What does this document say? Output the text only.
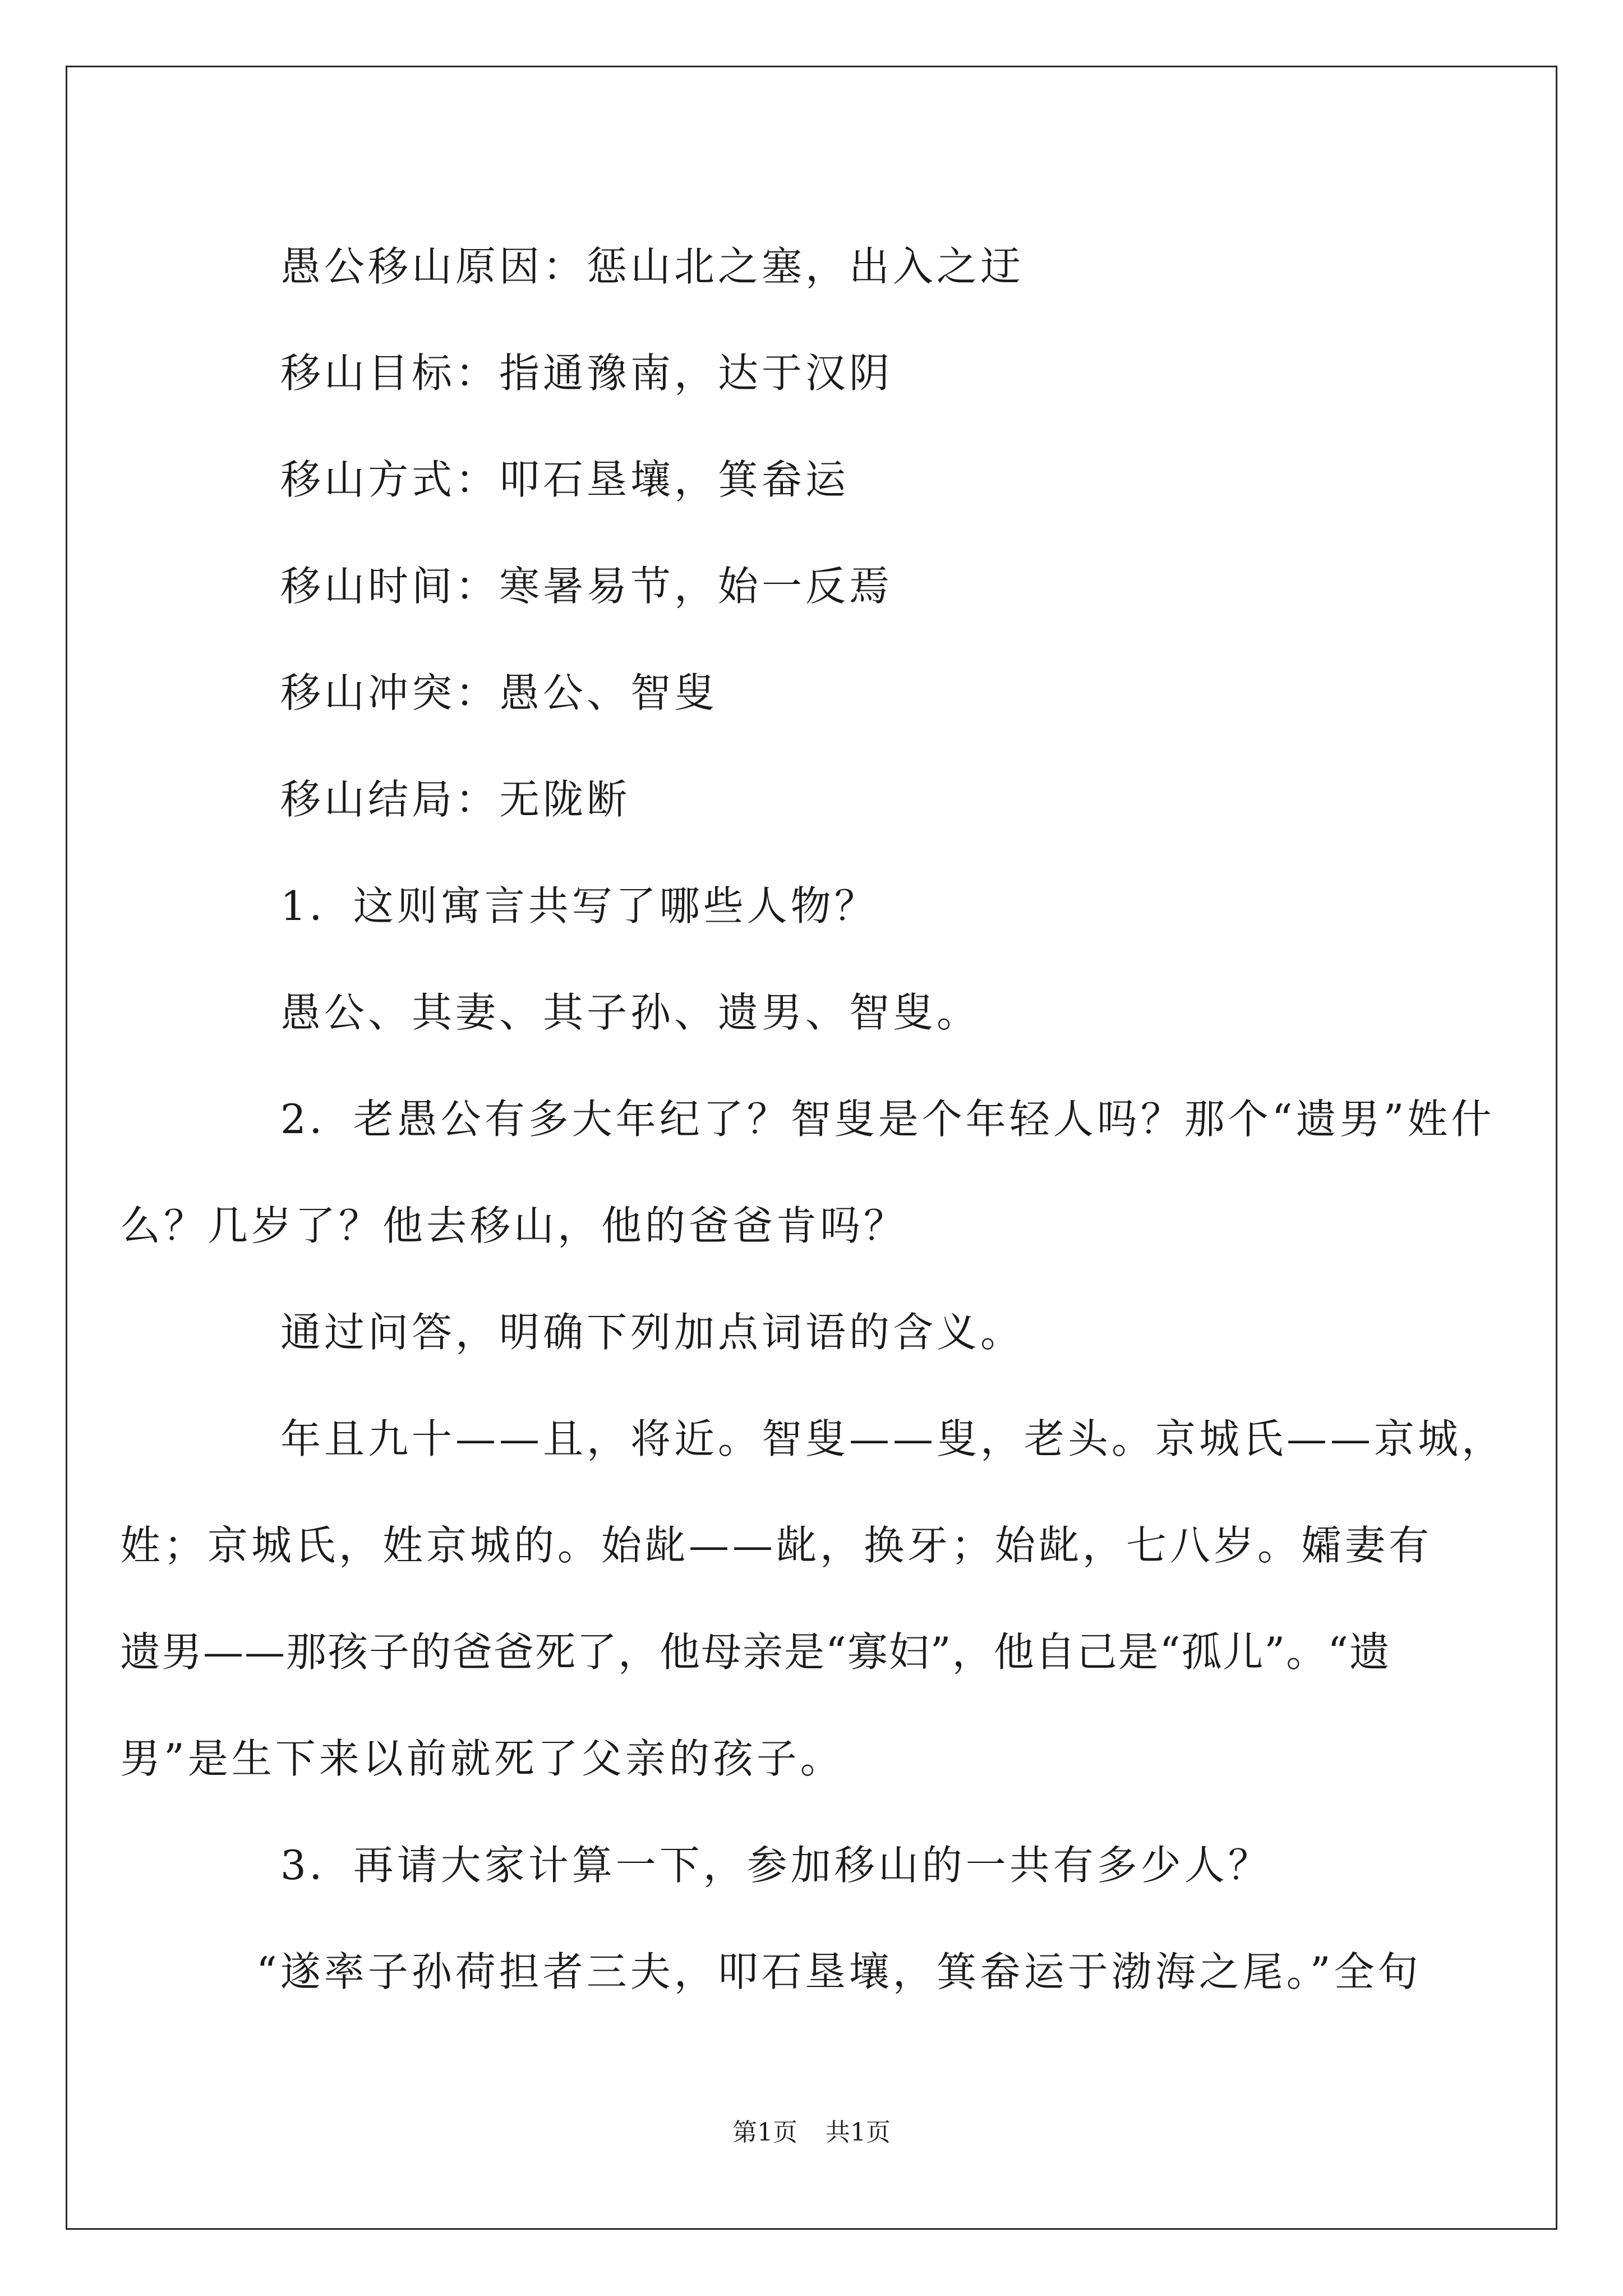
愚公移山原因：惩山北之塞，出入之迂

移山目标：指通豫南，达于汉阴

移山方式：叩石垦壤，箕畚运

移山时间：寒暑易节，始一反焉

移山冲突：愚公、智叟

移山结局：无陇断

1．这则寓言共写了哪些人物？

愚公、其妻、其子孙、遗男、智叟。

2．老愚公有多大年纪了？智叟是个年轻人吗？那个“遗男”姓什
么？几岁了？他去移山，他的爸爸肯吗？

通过问答，明确下列加点词语的含义。

年且九十——且，将近。智叟——叟，老头。京城氏——京城，
姓；京城氏，姓京城的。始龀——龀，换牙；始龀，七八岁。孀妻有
遗男——那孩子的爸爸死了，他母亲是“寡妇”，他自己是“孤儿”。“遗
男”是生下来以前就死了父亲的孩子。

3．再请大家计算一下，参加移山的一共有多少人？

“遂率子孙荷担者三夫，叩石垦壤，箕畚运于渤海之尾。”全句

第1页 共1页
